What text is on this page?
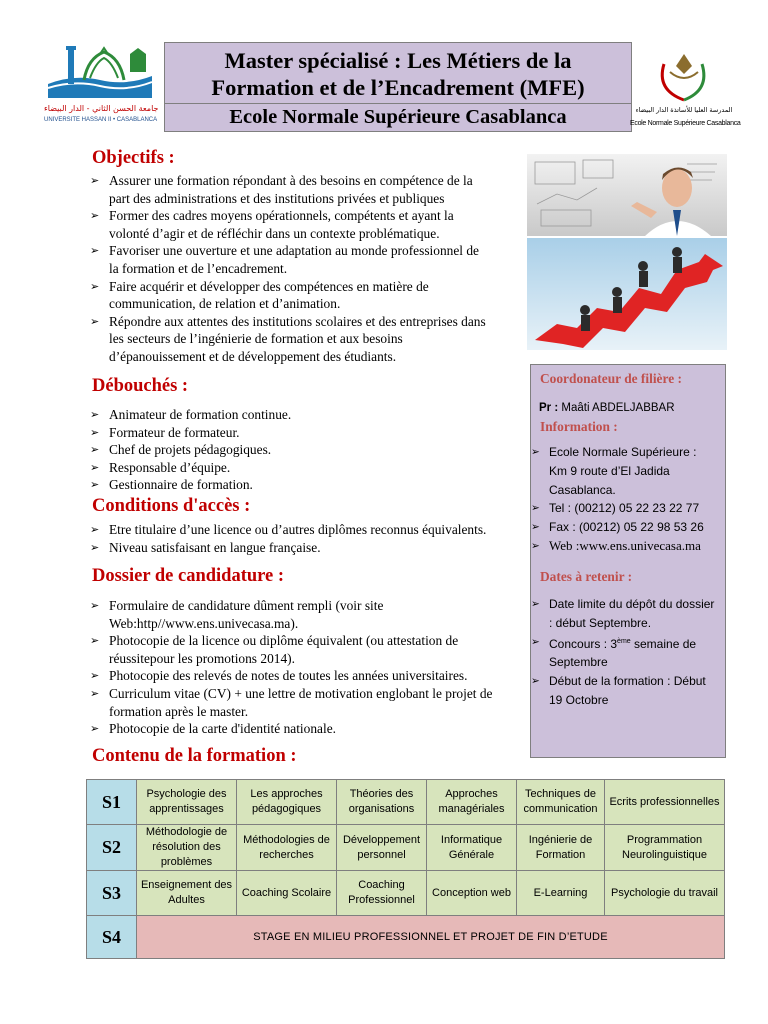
جامعة الحسن الثاني - الدار البيضاء
UNIVERSITE HASSAN II • CASABLANCA
Master spécialisé : Les Métiers de la
Formation et de l’Encadrement (MFE)
Ecole Normale Supérieure Casablanca	المدرسة العليا للأساتذة الدار البيضاء
Ecole Normale Supérieure Casablanca
Objectifs :
➢ Assurer une formation répondant à des besoins en compétence de la part des administrations et des institutions privées et publiques
➢ Former des cadres moyens opérationnels, compétents et ayant la volonté d’agir et de réfléchir dans un contexte problématique.
➢ Favoriser une ouverture et une adaptation au monde professionnel de la formation et de l’encadrement.
➢ Faire acquérir et développer des compétences en matière de communication, de relation et d’animation.
➢ Répondre aux attentes des institutions scolaires et des entreprises dans les secteurs de l’ingénierie de formation et aux besoins d’épanouissement et de développement des étudiants.
Débouchés :
➢ Animateur de formation continue.
➢ Formateur de formateur.
➢ Chef de projets pédagogiques.
➢ Responsable d’équipe.
➢ Gestionnaire de formation.
Conditions d'accès :
➢ Etre titulaire d’une licence ou d’autres diplômes reconnus équivalents.
➢ Niveau satisfaisant en langue française.
Dossier de candidature :
➢ Formulaire de candidature dûment rempli (voir site Web:http//www.ens.univecasa.ma).
➢ Photocopie de la licence ou diplôme équivalent (ou attestation de réussitepour les promotions 2014).
➢ Photocopie des relevés de notes de toutes les années universitaires.
➢ Curriculum vitae (CV) + une lettre de motivation englobant le projet de formation après le master.
➢ Photocopie de la carte d'identité nationale.
Contenu de la formation :
Coordonateur de filière :
Pr : Maâti ABDELJABBAR
Information :
➢ Ecole Normale Supérieure : Km 9 route d’El Jadida Casablanca.
➢ Tel : (00212) 05 22 23 22 77
➢ Fax : (00212) 05 22 98 53 26
➢ Web :www.ens.univecasa.ma
Dates à retenir :
➢ Date limite du dépôt du dossier : début Septembre.
➢ Concours : 3ème semaine de Septembre
➢ Début de la formation : Début 19 Octobre
S1	Psychologie des apprentissages	Les approches pédagogiques	Théories des organisations	Approches managériales	Techniques de communication	Ecrits professionnelles
S2	Méthodologie de résolution des problèmes	Méthodologies de recherches	Développement personnel	Informatique Générale	Ingénierie de Formation	Programmation Neurolinguistique
S3	Enseignement des Adultes	Coaching Scolaire	Coaching Professionnel	Conception web	E-Learning	Psychologie du travail
S4	STAGE EN MILIEU PROFESSIONNEL ET PROJET DE FIN D’ETUDE					
